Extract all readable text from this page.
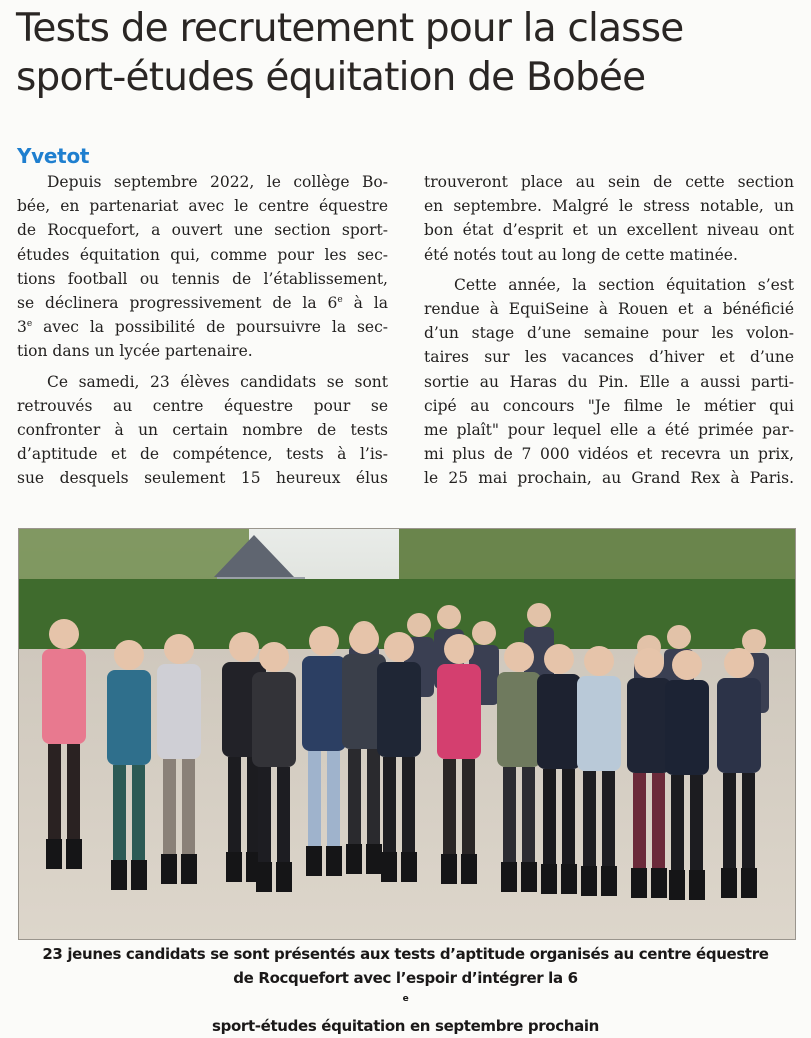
Tests de recrutement pour la classe
sport-études équitation de Bobée
Yvetot
Depuis septembre 2022, le collège Bo-
bée, en partenariat avec le centre équestre
de Rocquefort, a ouvert une section sport-
études équitation qui, comme pour les sec-
tions football ou tennis de l’établissement,
se déclinera progressivement de la 6e à la
3e avec la possibilité de poursuivre la sec-
tion dans un lycée partenaire.
Ce samedi, 23 élèves candidats se sont
retrouvés au centre équestre pour se
confronter à un certain nombre de tests
d’aptitude et de compétence, tests à l’is-
sue desquels seulement 15 heureux élus
trouveront place au sein de cette section
en septembre. Malgré le stress notable, un
bon état d’esprit et un excellent niveau ont
été notés tout au long de cette matinée.
Cette année, la section équitation s’est
rendue à EquiSeine à Rouen et a bénéficié
d’un stage d’une semaine pour les volon-
taires sur les vacances d’hiver et d’une
sortie au Haras du Pin. Elle a aussi parti-
cipé au concours "Je filme le métier qui
me plaît" pour lequel elle a été primée par-
mi plus de 7 000 vidéos et recevra un prix,
le 25 mai prochain, au Grand Rex à Paris.
23 jeunes candidats se sont présentés aux tests d’aptitude organisés au centre équestre
de Rocquefort avec l’espoir d’intégrer la 6
$^e$
sport-études équitation en septembre prochain
